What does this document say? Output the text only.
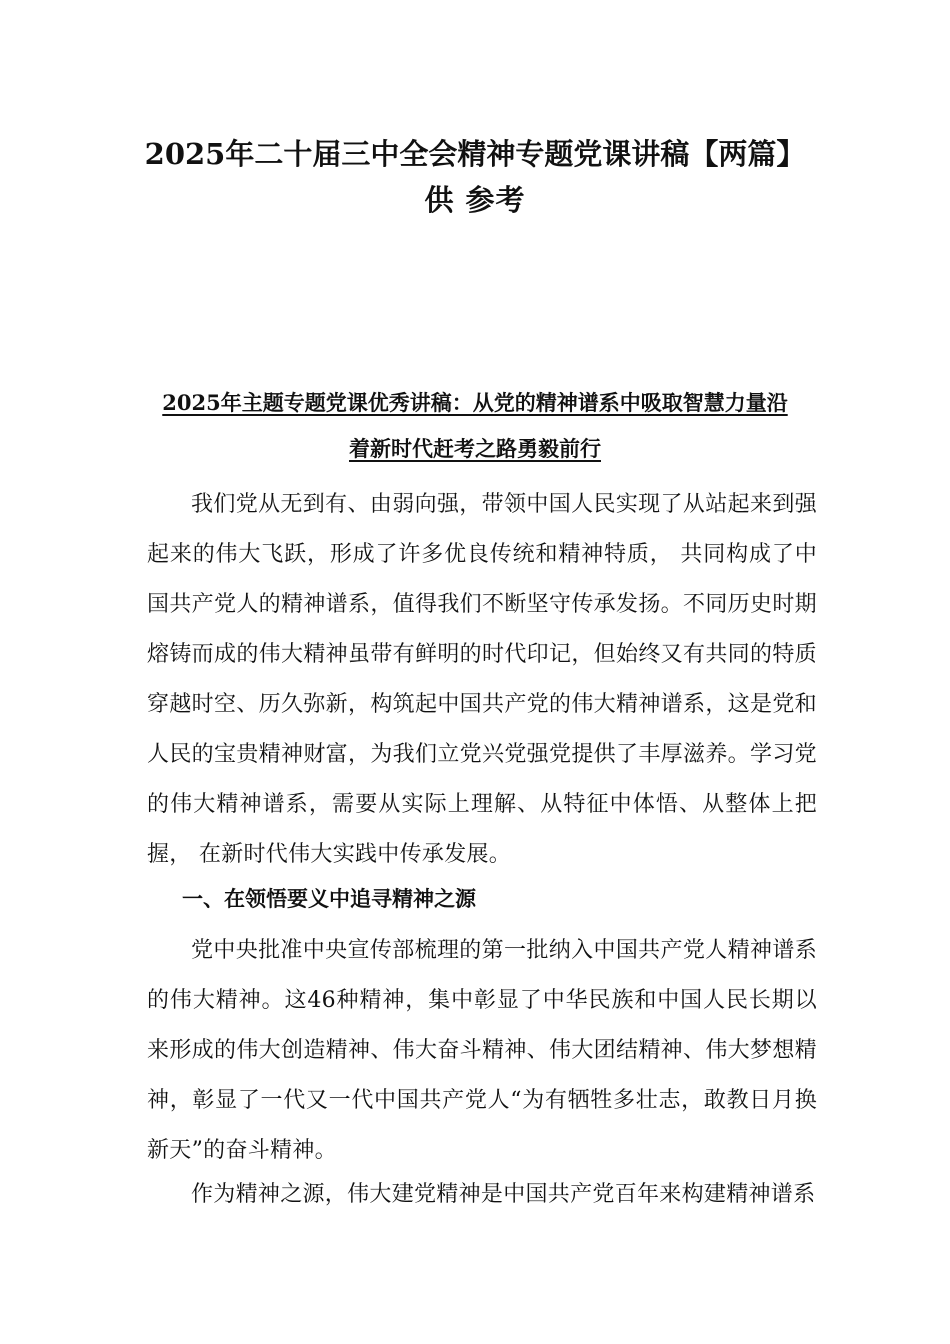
2025年二十届三中全会精神专题党课讲稿【两篇】
供 参考
2025年主题专题党课优秀讲稿：从党的精神谱系中吸取智慧力量沿
着新时代赶考之路勇毅前行

我们党从无到有、由弱向强，带领中国人民实现了从站起来到强起来的伟大飞跃，形成了许多优良传统和精神特质， 共同构成了中国共产党人的精神谱系，值得我们不断坚守传承发扬。不同历史时期熔铸而成的伟大精神虽带有鲜明的时代印记，但始终又有共同的特质穿越时空、历久弥新，构筑起中国共产党的伟大精神谱系，这是党和人民的宝贵精神财富，为我们立党兴党强党提供了丰厚滋养。学习党的伟大精神谱系，需要从实际上理解、从特征中体悟、从整体上把握， 在新时代伟大实践中传承发展。

一、在领悟要义中追寻精神之源

党中央批准中央宣传部梳理的第一批纳入中国共产党人精神谱系的伟大精神。这46种精神，集中彰显了中华民族和中国人民长期以来形成的伟大创造精神、伟大奋斗精神、伟大团结精神、伟大梦想精神，彰显了一代又一代中国共产党人“为有牺牲多壮志，敢教日月换新天”的奋斗精神。

作为精神之源，伟大建党精神是中国共产党百年来构建精神谱系
